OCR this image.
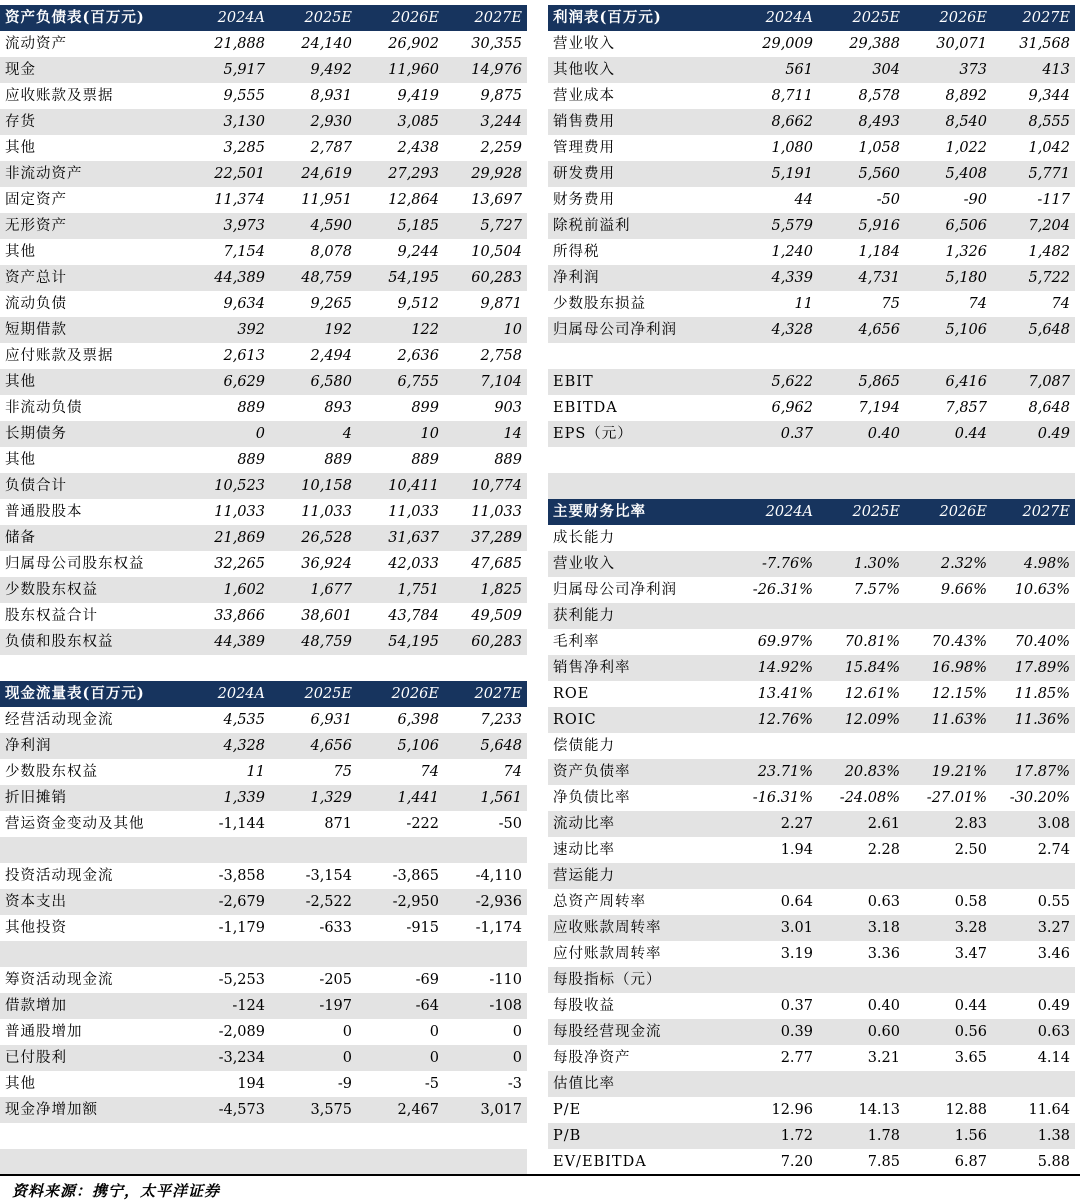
资产负债表(百万元)	2024A	2025E	2026E	2027E
流动资产	21,888	24,140	26,902	30,355
现金	5,917	9,492	11,960	14,976
应收账款及票据	9,555	8,931	9,419	9,875
存货	3,130	2,930	3,085	3,244
其他	3,285	2,787	2,438	2,259
非流动资产	22,501	24,619	27,293	29,928
固定资产	11,374	11,951	12,864	13,697
无形资产	3,973	4,590	5,185	5,727
其他	7,154	8,078	9,244	10,504
资产总计	44,389	48,759	54,195	60,283
流动负债	9,634	9,265	9,512	9,871
短期借款	392	192	122	10
应付账款及票据	2,613	2,494	2,636	2,758
其他	6,629	6,580	6,755	7,104
非流动负债	889	893	899	903
长期债务	0	4	10	14
其他	889	889	889	889
负债合计	10,523	10,158	10,411	10,774
普通股股本	11,033	11,033	11,033	11,033
储备	21,869	26,528	31,637	37,289
归属母公司股东权益	32,265	36,924	42,033	47,685
少数股东权益	1,602	1,677	1,751	1,825
股东权益合计	33,866	38,601	43,784	49,509
负债和股东权益	44,389	48,759	54,195	60,283
利润表(百万元)	2024A	2025E	2026E	2027E
营业收入	29,009	29,388	30,071	31,568
其他收入	561	304	373	413
营业成本	8,711	8,578	8,892	9,344
销售费用	8,662	8,493	8,540	8,555
管理费用	1,080	1,058	1,022	1,042
研发费用	5,191	5,560	5,408	5,771
财务费用	44	-50	-90	-117
除税前溢利	5,579	5,916	6,506	7,204
所得税	1,240	1,184	1,326	1,482
净利润	4,339	4,731	5,180	5,722
少数股东损益	11	75	74	74
归属母公司净利润	4,328	4,656	5,106	5,648

EBIT	5,622	5,865	6,416	7,087
EBITDA	6,962	7,194	7,857	8,648
EPS（元）	0.37	0.40	0.44	0.49

主要财务比率	2024A	2025E	2026E	2027E
成长能力				
营业收入	-7.76%	1.30%	2.32%	4.98%
归属母公司净利润	-26.31%	7.57%	9.66%	10.63%
获利能力				
毛利率	69.97%	70.81%	70.43%	70.40%
销售净利率	14.92%	15.84%	16.98%	17.89%
ROE	13.41%	12.61%	12.15%	11.85%
ROIC	12.76%	12.09%	11.63%	11.36%
偿债能力				
资产负债率	23.71%	20.83%	19.21%	17.87%
净负债比率	-16.31%	-24.08%	-27.01%	-30.20%
流动比率	2.27	2.61	2.83	3.08
速动比率	1.94	2.28	2.50	2.74
营运能力				
总资产周转率	0.64	0.63	0.58	0.55
应收账款周转率	3.01	3.18	3.28	3.27
应付账款周转率	3.19	3.36	3.47	3.46
每股指标（元）				
每股收益	0.37	0.40	0.44	0.49
每股经营现金流	0.39	0.60	0.56	0.63
每股净资产	2.77	3.21	3.65	4.14
估值比率				
P/E	12.96	14.13	12.88	11.64
P/B	1.72	1.78	1.56	1.38
EV/EBITDA	7.20	7.85	6.87	5.88
现金流量表(百万元)	2024A	2025E	2026E	2027E
经营活动现金流	4,535	6,931	6,398	7,233
净利润	4,328	4,656	5,106	5,648
少数股东权益	11	75	74	74
折旧摊销	1,339	1,329	1,441	1,561
营运资金变动及其他	-1,144	871	-222	-50

投资活动现金流	-3,858	-3,154	-3,865	-4,110
资本支出	-2,679	-2,522	-2,950	-2,936
其他投资	-1,179	-633	-915	-1,174

筹资活动现金流	-5,253	-205	-69	-110
借款增加	-124	-197	-64	-108
普通股增加	-2,089	0	0	0
已付股利	-3,234	0	0	0
其他	194	-9	-5	-3
现金净增加额	-4,573	3,575	2,467	3,017

资料来源：携宁，太平洋证券
